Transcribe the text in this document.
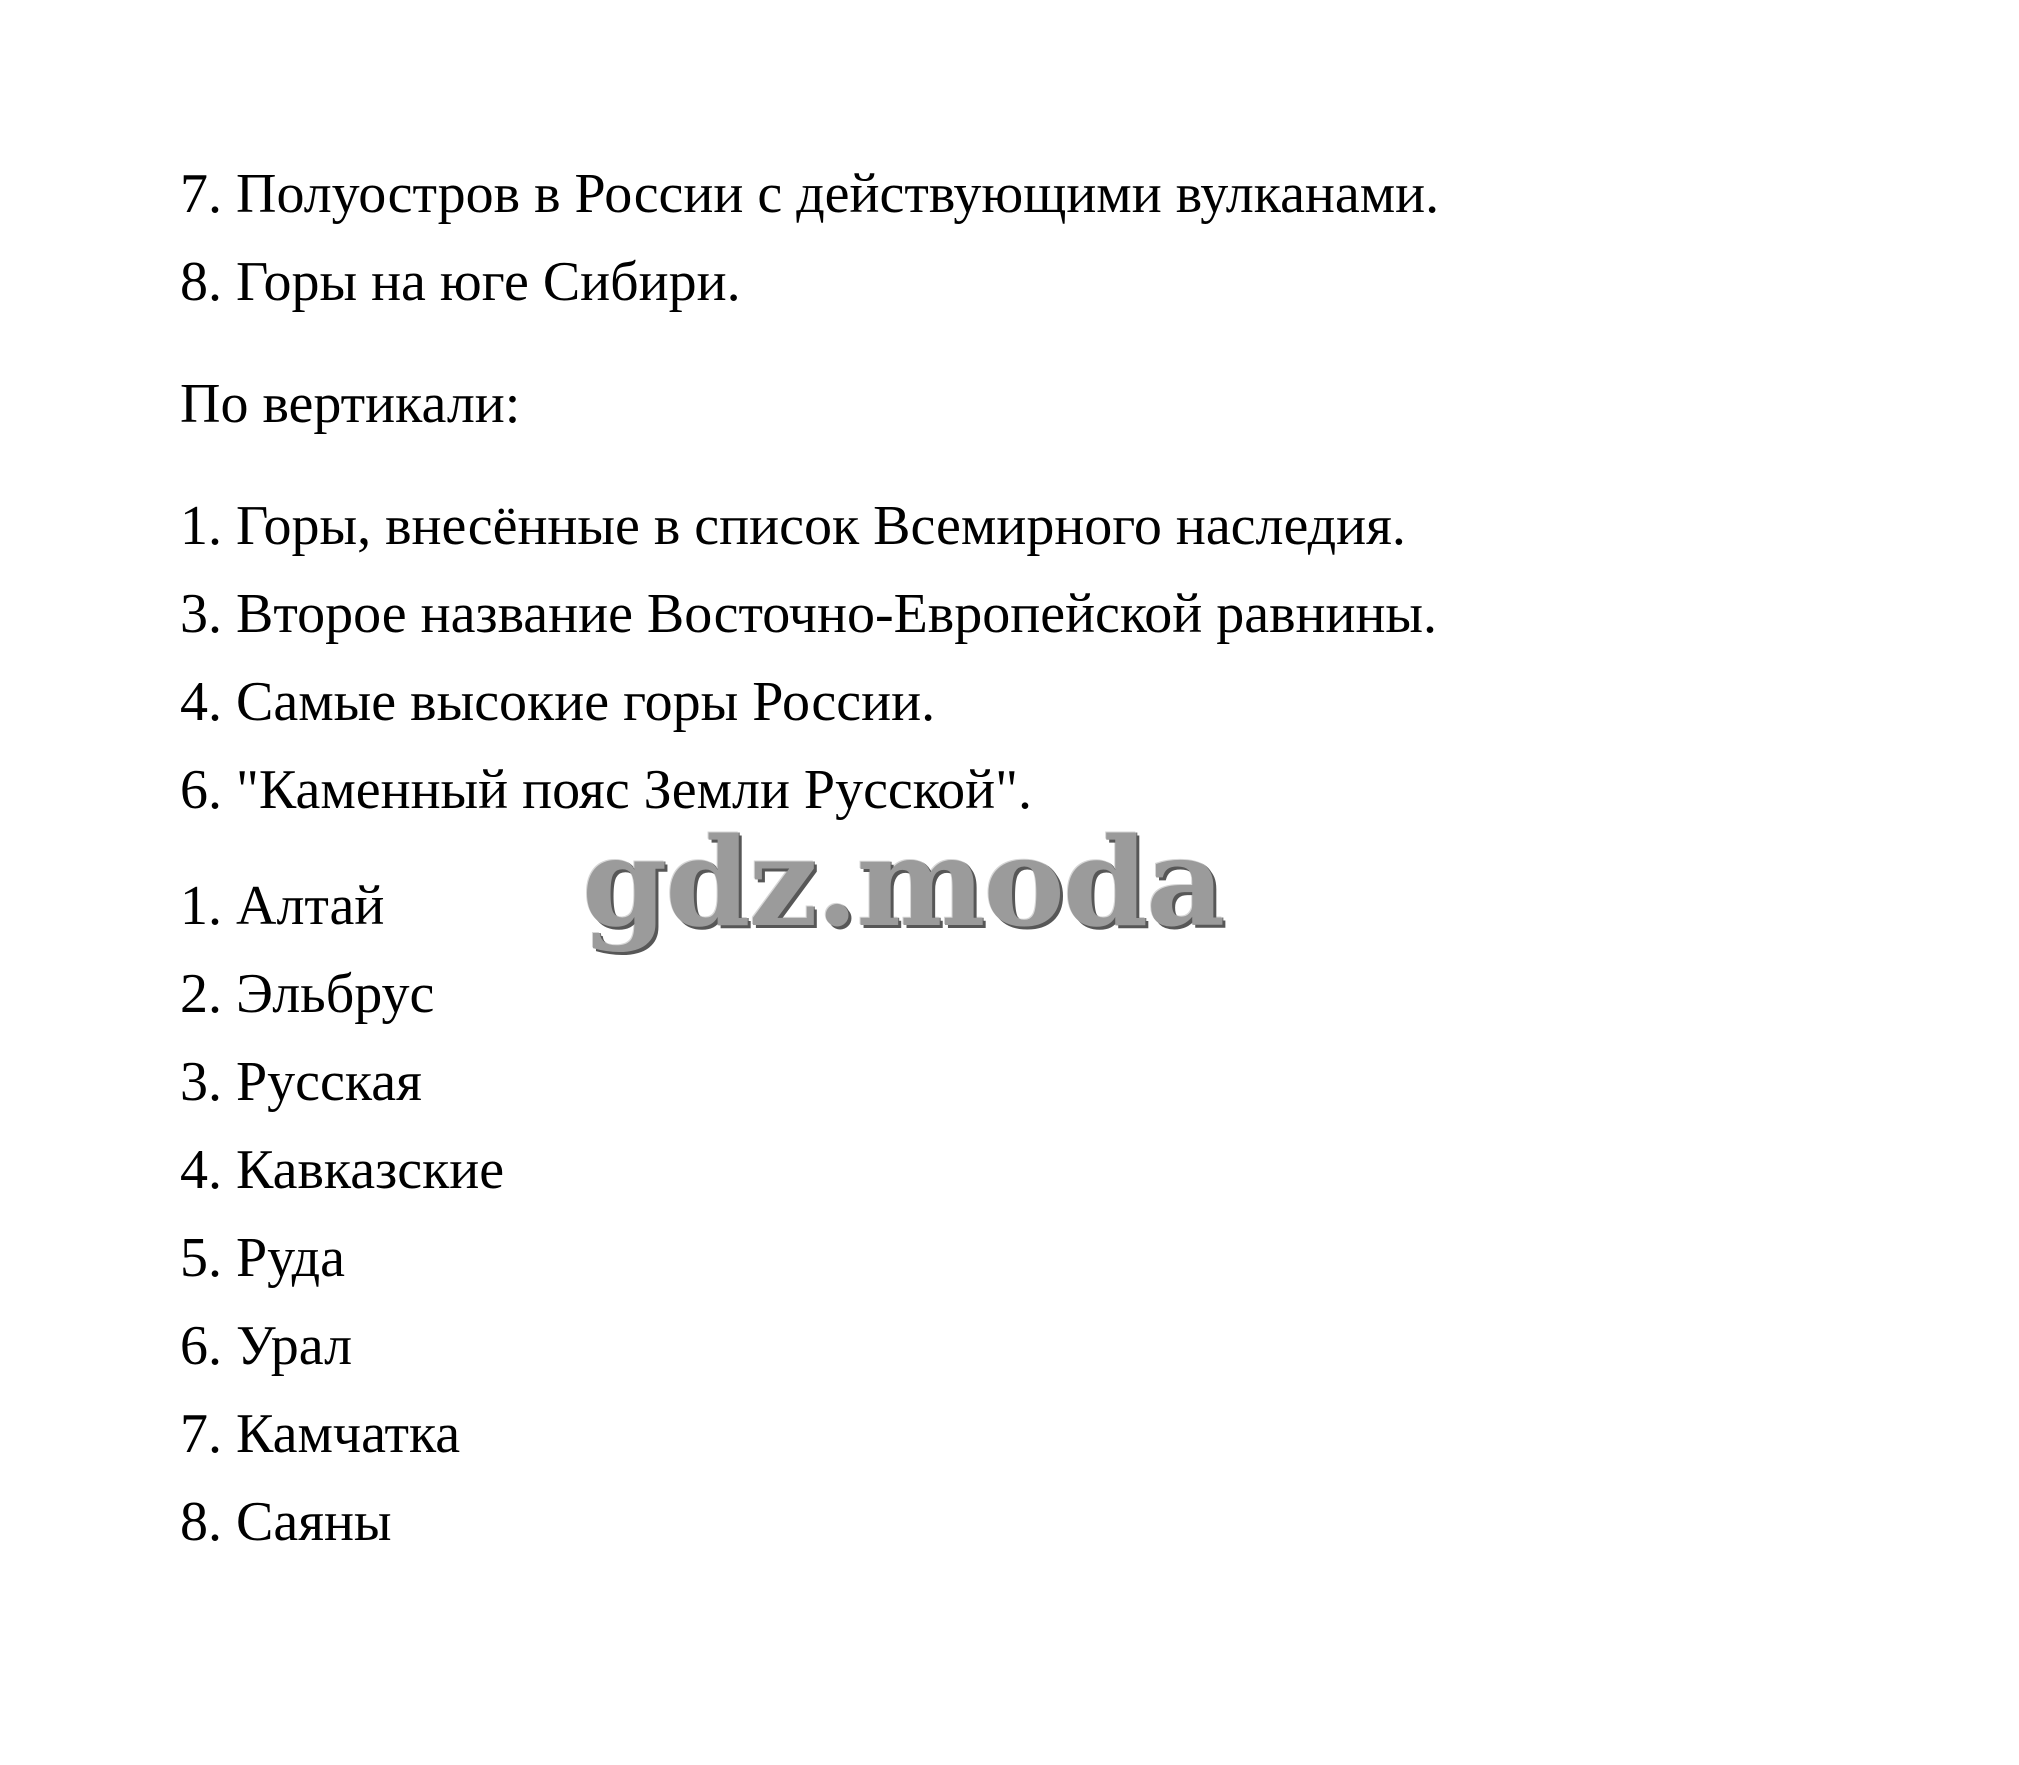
7. Полуостров в России с действующими вулканами.
8. Горы на юге Сибири.
По вертикали:
1. Горы, внесённые в список Всемирного наследия.
3. Второе название Восточно-Европейской равнины.
4. Самые высокие горы России.
6. "Каменный пояс Земли Русской".
1. Алтай
2. Эльбрус
3. Русская
4. Кавказские
5. Руда
6. Урал
7. Камчатка
8. Саяны
gdz.moda
